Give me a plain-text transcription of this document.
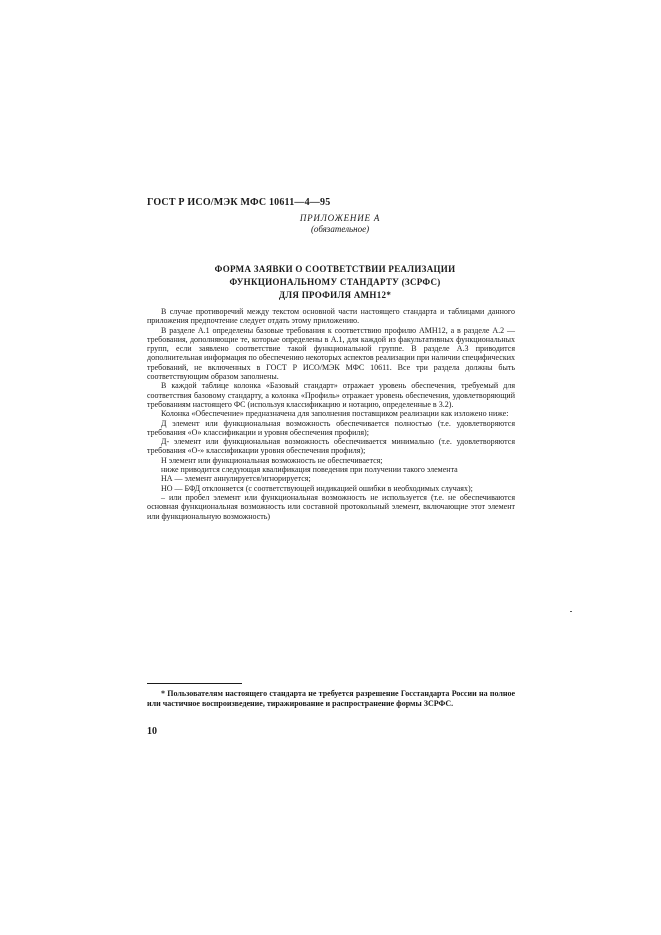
ГОСТ Р ИСО/МЭК МФС 10611—4—95
ПРИЛОЖЕНИЕ А
(обязательное)
ФОРМА ЗАЯВКИ О СООТВЕТСТВИИ РЕАЛИЗАЦИИ
ФУНКЦИОНАЛЬНОМУ СТАНДАРТУ (ЗСРФС)
ДЛЯ ПРОФИЛЯ АМН12*

В случае противоречий между текстом основной части настоящего стандарта и таблицами данного приложения предпочтение следует отдать этому приложению.

В разделе А.1 определены базовые требования к соответствию профилю АМН12, а в разделе А.2 — требования, дополняющие те, которые определены в А.1, для каждой из факультативных функциональных групп, если заявлено соответствие такой функциональной группе. В разделе А.3 приводится дополнительная информация по обеспечению некоторых аспектов реализации при наличии специфических требований, не включенных в ГОСТ Р ИСО/МЭК МФС 10611. Все три раздела должны быть соответствующим образом заполнены.

В каждой таблице колонка «Базовый стандарт» отражает уровень обеспечения, требуемый для соответствия базовому стандарту, а колонка «Профиль» отражает уровень обеспечения, удовлетворяющий требованиям настоящего ФС (используя классификацию и нотацию, определенные в 3.2).

Колонка «Обеспечение» предназначена для заполнения поставщиком реализации как изложено ниже:

Д элемент или функциональная возможность обеспечивается полностью (т.е. удовлетворяются требования «О» классификации и уровня обеспечения профиля);

Д- элемент или функциональная возможность обеспечивается минимально (т.е. удовлетворяются требования «О-» классификации уровня обеспечения профиля);

Н элемент или функциональная возможность не обеспечивается;

ниже приводится следующая квалификация поведения при получении такого элемента

НА — элемент аннулируется/игнорируется;

НО — БФД отклоняется (с соответствующей индикацией ошибки в необходимых случаях);

– или пробел элемент или функциональная возможность не используется (т.е. не обеспечиваются основная функциональная возможность или составной протокольный элемент, включающие этот элемент или функциональную возможность)

* Пользователям настоящего стандарта не требуется разрешение Госстандарта России на полное или частичное воспроизведение, тиражирование и распространение формы ЗСРФС.

10
